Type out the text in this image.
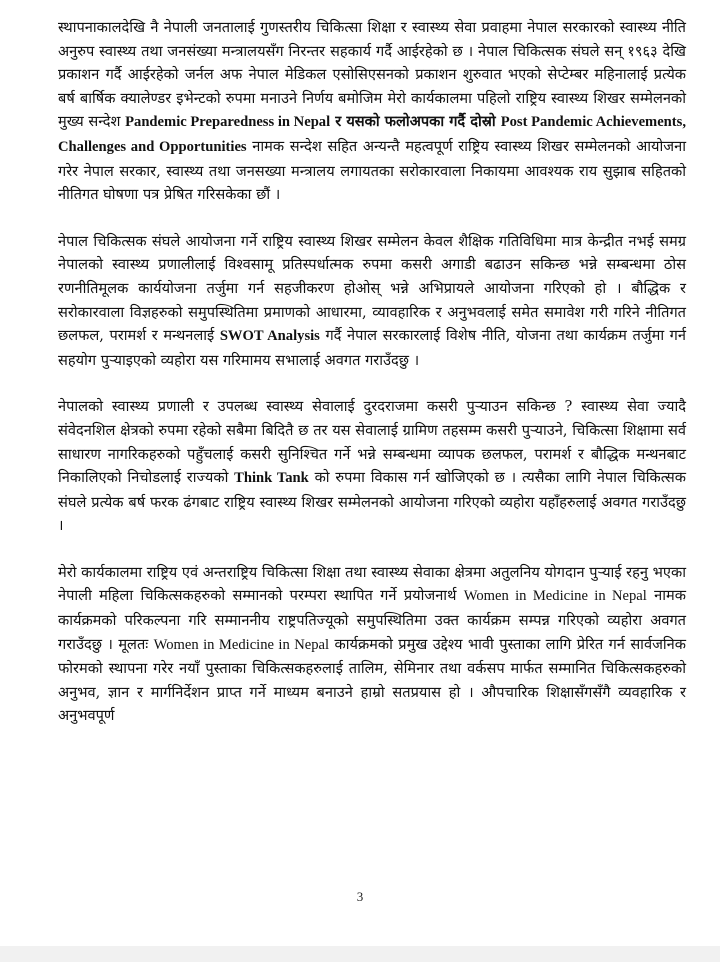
स्थापनाकालदेखि नै नेपाली जनतालाई गुणस्तरीय चिकित्सा शिक्षा र स्वास्थ्य सेवा प्रवाहमा नेपाल सरकारको स्वास्थ्य नीति अनुरुप स्वास्थ्य तथा जनसंख्या मन्त्रालयसँग निरन्तर सहकार्य गर्दै आईरहेको छ । नेपाल चिकित्सक संघले सन् १९६३ देखि प्रकाशन गर्दै आईरहेको जर्नल अफ नेपाल मेडिकल एसोसिएसनको प्रकाशन शुरुवात भएको सेप्टेम्बर महिनालाई प्रत्येक बर्ष बार्षिक क्यालेण्डर इभेन्टको रुपमा मनाउने निर्णय बमोजिम मेरो कार्यकालमा पहिलो राष्ट्रिय स्वास्थ्य शिखर सम्मेलनको मुख्य सन्देश Pandemic Preparedness in Nepal र यसको फलोअपका गर्दै दोस्रो Post Pandemic Achievements, Challenges and Opportunities नामक सन्देश सहित अन्यन्तै महत्वपूर्ण राष्ट्रिय स्वास्थ्य शिखर सम्मेलनको आयोजना गरेर नेपाल सरकार, स्वास्थ्य तथा जनसख्या मन्त्रालय लगायतका सरोकारवाला निकायमा आवश्यक राय सुझाब सहितको नीतिगत घोषणा पत्र प्रेषित गरिसकेका छौं ।

नेपाल चिकित्सक संघले आयोजना गर्ने राष्ट्रिय स्वास्थ्य शिखर सम्मेलन केवल शैक्षिक गतिविधिमा मात्र केन्द्रीत नभई समग्र नेपालको स्वास्थ्य प्रणालीलाई विश्वसामू प्रतिस्पर्धात्मक रुपमा कसरी अगाडी बढाउन सकिन्छ भन्ने सम्बन्धमा ठोस रणनीतिमूलक कार्ययोजना तर्जुमा गर्न सहजीकरण होओस् भन्ने अभिप्रायले आयोजना गरिएको हो । बौद्धिक र सरोकारवाला विज्ञहरुको समुपस्थितिमा प्रमाणको आधारमा, व्यावहारिक र अनुभवलाई समेत समावेश गरी गरिने नीतिगत छलफल, परामर्श र मन्थनलाई SWOT Analysis गर्दै नेपाल सरकारलाई विशेष नीति, योजना तथा कार्यक्रम तर्जुमा गर्न सहयोग पुऱ्याइएको व्यहोरा यस गरिमामय सभालाई अवगत गराउँदछु ।

नेपालको स्वास्थ्य प्रणाली र उपलब्ध स्वास्थ्य सेवालाई दुरदराजमा कसरी पुऱ्याउन सकिन्छ ? स्वास्थ्य सेवा ज्यादै संवेदनशिल क्षेत्रको रुपमा रहेको सबैमा बिदितै छ तर यस सेवालाई ग्रामिण तहसम्म कसरी पुऱ्याउने, चिकित्सा शिक्षामा सर्व साधारण नागरिकहरुको पहुँचलाई कसरी सुनिश्चित गर्ने भन्ने सम्बन्धमा व्यापक छलफल, परामर्श र बौद्धिक मन्थनबाट निकालिएको निचोडलाई राज्यको Think Tank को रुपमा विकास गर्न खोजिएको छ । त्यसैका लागि नेपाल चिकित्सक संघले प्रत्येक बर्ष फरक ढंगबाट राष्ट्रिय स्वास्थ्य शिखर सम्मेलनको आयोजना गरिएको व्यहोरा यहाँहरुलाई अवगत गराउँदछु ।

मेरो कार्यकालमा राष्ट्रिय एवं अन्तराष्ट्रिय चिकित्सा शिक्षा तथा स्वास्थ्य सेवाका क्षेत्रमा अतुलनिय योगदान पुऱ्याई रहनु भएका नेपाली महिला चिकित्सकहरुको सम्मानको परम्परा स्थापित गर्ने प्रयोजनार्थ Women in Medicine in Nepal नामक कार्यक्रमको परिकल्पना गरि सम्माननीय राष्ट्रपतिज्यूको समुपस्थितिमा उक्त कार्यक्रम सम्पन्न गरिएको व्यहोरा अवगत गराउँदछु । मूलतः Women in Medicine in Nepal कार्यक्रमको प्रमुख उद्देश्य भावी पुस्ताका लागि प्रेरित गर्न सार्वजनिक फोरमको स्थापना गरेर नयाँ पुस्ताका चिकित्सकहरुलाई तालिम, सेमिनार तथा वर्कसप मार्फत सम्मानित चिकित्सकहरुको अनुभव, ज्ञान र मार्गनिर्देशन प्राप्त गर्ने माध्यम बनाउने हाम्रो सतप्रयास हो । औपचारिक शिक्षासँगसँगै व्यवहारिक र अनुभवपूर्ण

3
